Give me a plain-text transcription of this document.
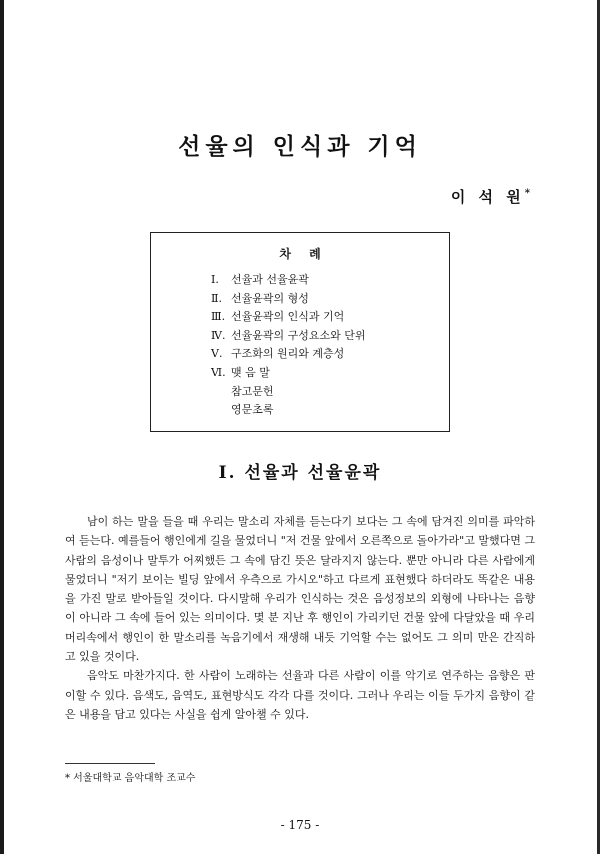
선율의 인식과 기억
이 석 원*
차 례
Ⅰ. 선율과 선율윤곽
Ⅱ. 선율윤곽의 형성
Ⅲ. 선율윤곽의 인식과 기억
Ⅳ. 선율윤곽의 구성요소와 단위
Ⅴ. 구조화의 원리와 계층성
Ⅵ. 맺 음 말
참고문헌
영문초록
Ⅰ. 선율과 선율윤곽

남이 하는 말을 들을 때 우리는 말소리 자체를 듣는다기 보다는 그 속에 담겨진 의미를 파악하여 듣는다. 예를들어 행인에게 길을 물었더니 "저 건물 앞에서 오른쪽으로 돌아가라"고 말했다면 그 사람의 음성이나 말투가 어찌했든 그 속에 담긴 뜻은 달라지지 않는다. 뿐만 아니라 다른 사람에게 물었더니 "저기 보이는 빌딩 앞에서 우측으로 가시오"하고 다르게 표현했다 하더라도 똑같은 내용을 가진 말로 받아들일 것이다. 다시말해 우리가 인식하는 것은 음성정보의 외형에 나타나는 음향이 아니라 그 속에 들어 있는 의미이다. 몇 분 지난 후 행인이 가리키던 건물 앞에 다달았을 때 우리 머리속에서 행인이 한 말소리를 녹음기에서 재생해 내듯 기억할 수는 없어도 그 의미 만은 간직하고 있을 것이다.

음악도 마찬가지다. 한 사람이 노래하는 선율과 다른 사람이 이를 악기로 연주하는 음향은 판이할 수 있다. 음색도, 음역도, 표현방식도 각각 다를 것이다. 그러나 우리는 이들 두가지 음향이 같은 내용을 담고 있다는 사실을 쉽게 알아챌 수 있다.

* 서울대학교 음악대학 조교수
- 175 -
